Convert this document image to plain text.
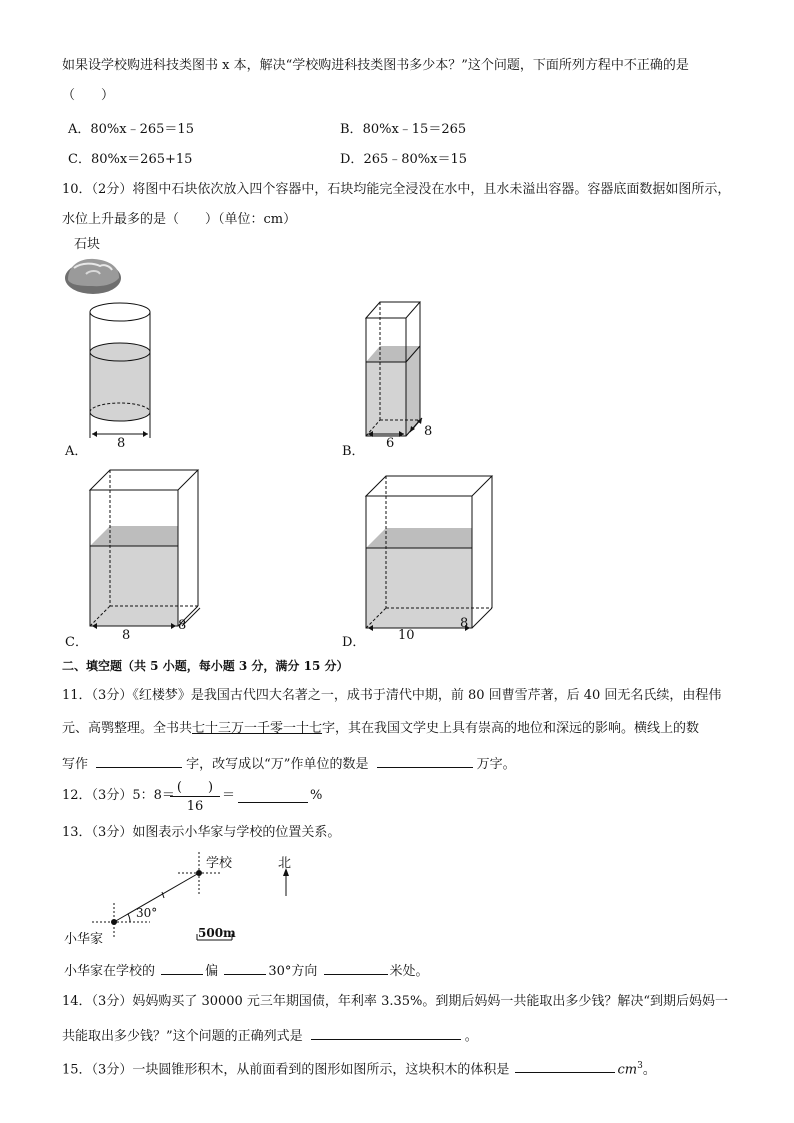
如果设学校购进科技类图书 x 本，解决“学校购进科技类图书多少本？”这个问题，下面所列方程中不正确的是
（　　）
A．80%x﹣265＝15	B．80%x﹣15＝265
C．80%x＝265+15	D．265﹣80%x＝15
10．（2分）将图中石块依次放入四个容器中，石块均能完全浸没在水中，且水未溢出容器。容器底面数据如图所示，
水位上升最多的是（　　）（单位：cm）
石块
A．
8
B．
6
8
C．	8
8
D．	10
8
二、填空题（共 5 小题，每小题 3 分，满分 15 分）
11．（3分）《红楼梦》是我国古代四大名著之一，成书于清代中期，前 80 回曹雪芹著，后 40 回无名氏续，由程伟
元、高鹗整理。全书共七十三万一千零一十七字，其在我国文学史上具有崇高的地位和深远的影响。横线上的数
写作	字，改写成以“万”作单位的数是	万字。
12．（3分）5：8＝
(　　)
16
＝	%
13．（3分）如图表示小华家与学校的位置关系。
学校	北
30°
小华家	500m
小华家在学校的	偏	30°方向	米处。
14．（3分）妈妈购买了 30000 元三年期国债，年利率 3.35%。到期后妈妈一共能取出多少钱？解决“到期后妈妈一
共能取出多少钱？”这个问题的正确列式是	。
15．（3分）一块圆锥形积木，从前面看到的图形如图所示，这块积木的体积是	$cm^3$。
